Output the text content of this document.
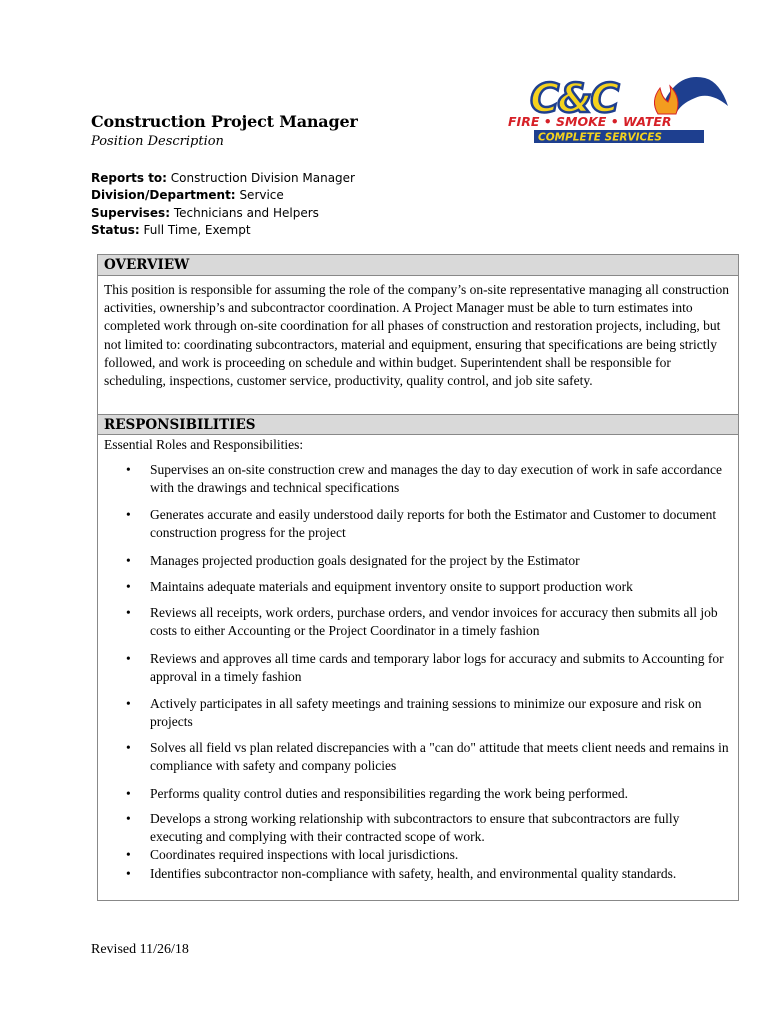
Construction Project Manager
Position Description
Reports to: Construction Division Manager
Division/Department: Service
Supervises: Technicians and Helpers
Status: Full Time, Exempt
C&C
FIRE • SMOKE • WATER
COMPLETE SERVICES
OVERVIEW
This position is responsible for assuming the role of the company’s on-site representative managing all construction activities, ownership’s and subcontractor coordination. A Project Manager must be able to turn estimates into completed work through on-site coordination for all phases of construction and restoration projects, including, but not limited to: coordinating subcontractors, material and equipment, ensuring that specifications are being strictly followed, and work is proceeding on schedule and within budget. Superintendent shall be responsible for scheduling, inspections, customer service, productivity, quality control, and job site safety.
RESPONSIBILITIES
Essential Roles and Responsibilities:
• Supervises an on-site construction crew and manages the day to day execution of work in safe accordance with the drawings and technical specifications
• Generates accurate and easily understood daily reports for both the Estimator and Customer to document construction progress for the project
• Manages projected production goals designated for the project by the Estimator
• Maintains adequate materials and equipment inventory onsite to support production work
• Reviews all receipts, work orders, purchase orders, and vendor invoices for accuracy then submits all job costs to either Accounting or the Project Coordinator in a timely fashion
• Reviews and approves all time cards and temporary labor logs for accuracy and submits to Accounting for approval in a timely fashion
• Actively participates in all safety meetings and training sessions to minimize our exposure and risk on projects
• Solves all field vs plan related discrepancies with a "can do" attitude that meets client needs and remains in compliance with safety and company policies
• Performs quality control duties and responsibilities regarding the work being performed.
• Develops a strong working relationship with subcontractors to ensure that subcontractors are fully executing and complying with their contracted scope of work.
• Coordinates required inspections with local jurisdictions.
• Identifies subcontractor non-compliance with safety, health, and environmental quality standards.
Revised 11/26/18
